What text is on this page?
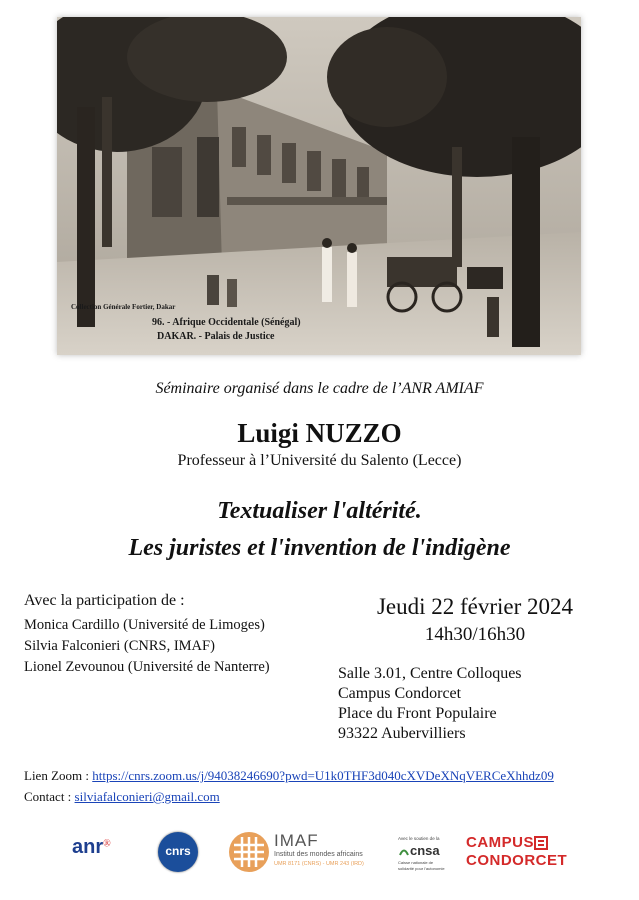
Collection Générale Fortier, Dakar
96. - Afrique Occidentale (Sénégal)
DAKAR. - Palais de Justice
Séminaire organisé dans le cadre de l’ANR AMIAF
Luigi NUZZO
Professeur à l’Université du Salento (Lecce)
Textualiser l'altérité.
Les juristes et l'invention de l'indigène
Avec la participation de :
Monica Cardillo (Université de Limoges)
Silvia Falconieri (CNRS, IMAF)
Lionel Zevounou (Université de Nanterre)
Jeudi 22 février 2024
14h30/16h30
Salle 3.01, Centre Colloques
Campus Condorcet
Place du Front Populaire
93322 Aubervilliers
Lien Zoom : https://cnrs.zoom.us/j/94038246690?pwd=U1k0THF3d040cXVDeXNqVERCeXhhdz09
Contact : silviafalconieri@gmail.com
anr®	cnrs
IMAF
Institut des mondes africains
UMR 8171 (CNRS) - UMR 243 (IRD)
Avec le soutien de la
cnsa
Caisse nationale de
solidarité pour l'autonomie
CAMPUS
CONDORCET
